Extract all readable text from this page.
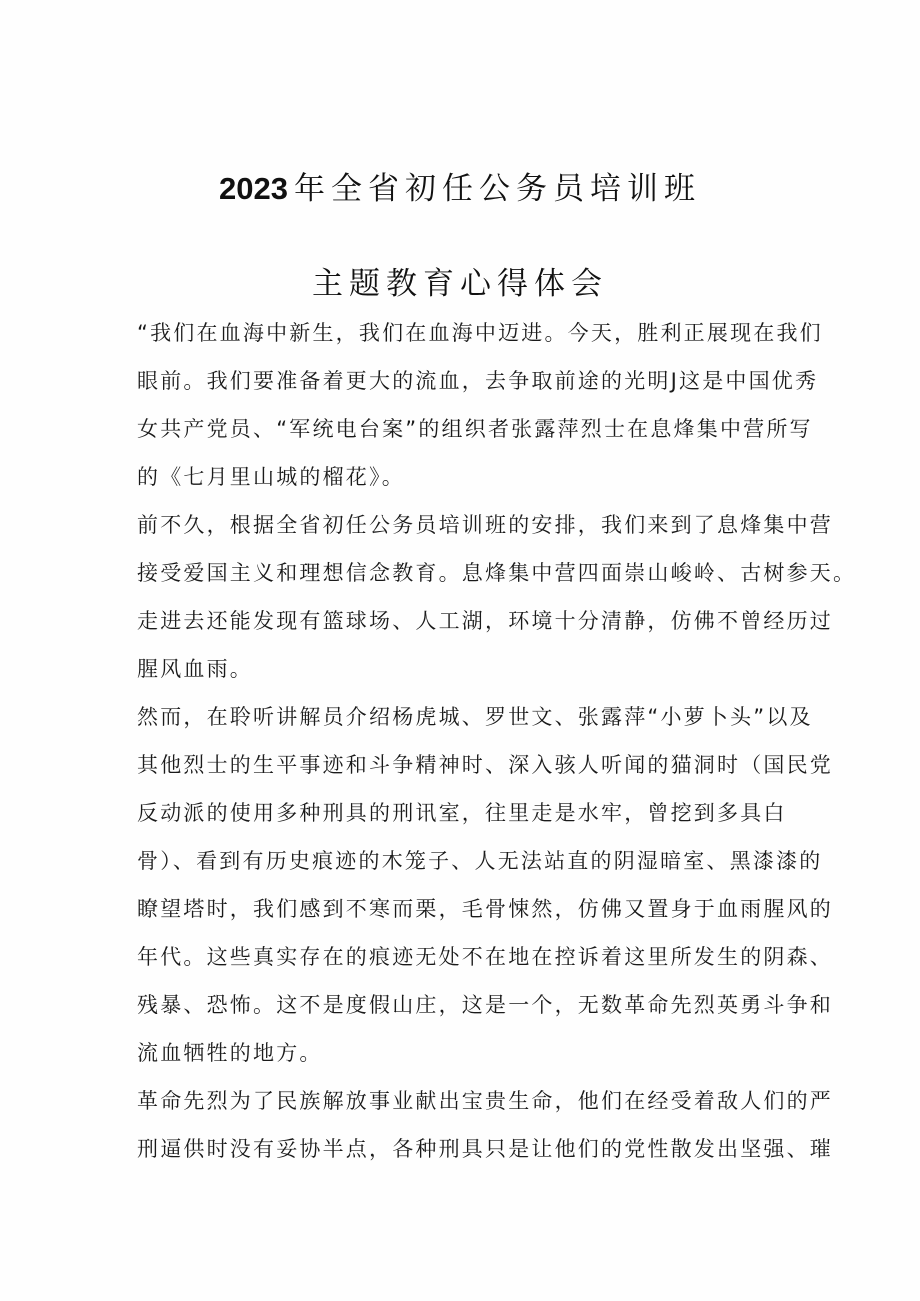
2023 年全省初任公务员培训班
主题教育心得体会

“我们在血海中新生，我们在血海中迈进。今天，胜利正展现在我们
眼前。我们要准备着更大的流血，去争取前途的光明J这是中国优秀
女共产党员、“军统电台案”的组织者张露萍烈士在息烽集中营所写
的《七月里山城的榴花》。

前不久，根据全省初任公务员培训班的安排，我们来到了息烽集中营
接受爱国主义和理想信念教育。息烽集中营四面崇山峻岭、古树参天。
走进去还能发现有篮球场、人工湖，环境十分清静，仿佛不曾经历过
腥风血雨。

然而，在聆听讲解员介绍杨虎城、罗世文、张露萍“小萝卜头”以及
其他烈士的生平事迹和斗争精神时、深入骇人听闻的猫洞时（国民党
反动派的使用多种刑具的刑讯室，往里走是水牢，曾挖到多具白
骨）、看到有历史痕迹的木笼子、人无法站直的阴湿暗室、黑漆漆的
瞭望塔时，我们感到不寒而栗，毛骨悚然，仿佛又置身于血雨腥风的
年代。这些真实存在的痕迹无处不在地在控诉着这里所发生的阴森、
残暴、恐怖。这不是度假山庄，这是一个，无数革命先烈英勇斗争和
流血牺牲的地方。

革命先烈为了民族解放事业献出宝贵生命，他们在经受着敌人们的严
刑逼供时没有妥协半点，各种刑具只是让他们的党性散发出坚强、璀
